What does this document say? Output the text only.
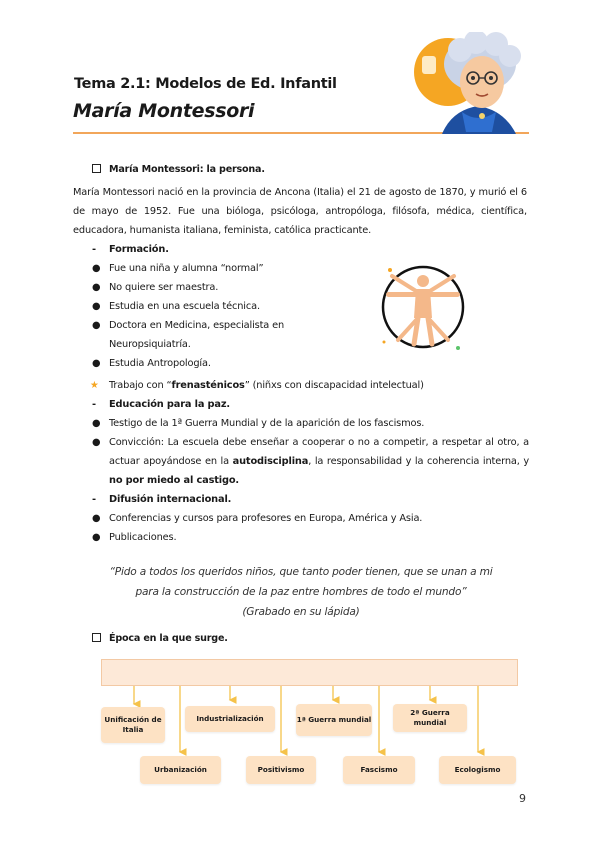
Tema 2.1: Modelos de Ed. Infantil
María Montessori
María Montessori: la persona.
María Montessori nació en la provincia de Ancona (Italia) el 21 de agosto de 1870, y murió el 6 de mayo de 1952. Fue una bióloga, psicóloga, antropóloga, filósofa, médica, científica, educadora, humanista italiana, feminista, católica practicante.
- Formación.
● Fue una niña y alumna “normal”
● No quiere ser maestra.
● Estudia en una escuela técnica.
● Doctora en Medicina, especialista en Neuropsiquiatría.
● Estudia Antropología.
★ Trabajo con “frenasténicos” (niñxs con discapacidad intelectual)
- Educación para la paz.
● Testigo de la 1ª Guerra Mundial y de la aparición de los fascismos.
● Convicción: La escuela debe enseñar a cooperar o no a competir, a respetar al otro, a actuar apoyándose en la autodisciplina, la responsabilidad y la coherencia interna, y no por miedo al castigo.
- Difusión internacional.
● Conferencias y cursos para profesores en Europa, América y Asia.
● Publicaciones.
“Pido a todos los queridos niños, que tanto poder tienen, que se unan a mi
para la construcción de la paz entre hombres de todo el mundo”
(Grabado en su lápida)
Época en la que surge.
Unificación de Italia
Industrialización	1ª Guerra mundial
2ª Guerra mundial
Urbanización	Positivismo	Fascismo	Ecologismo
9
